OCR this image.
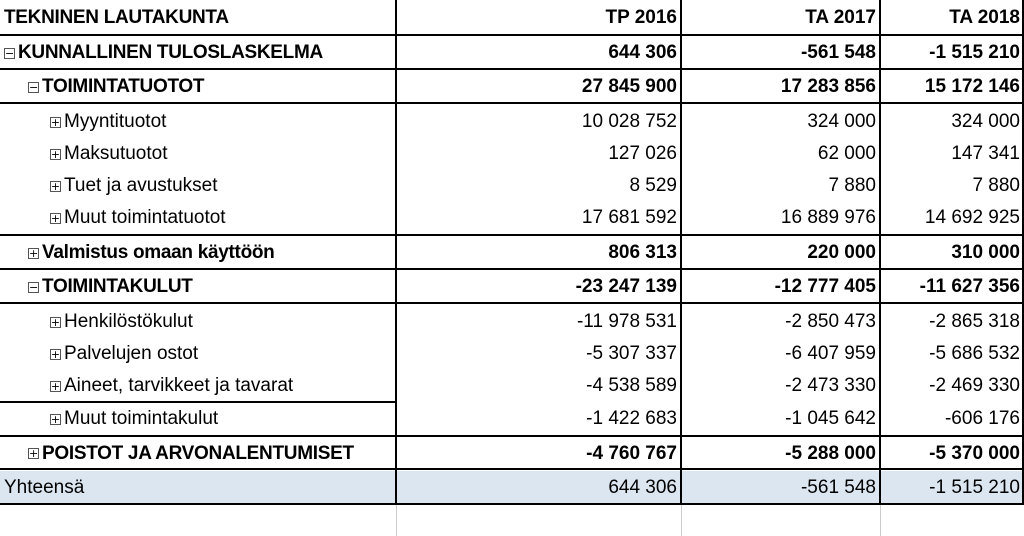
TEKNINEN LAUTAKUNTA	TP 2016	TA 2017	TA 2018
− KUNNALLINEN TULOSLASKELMA	644 306	-561 548	-1 515 210
− TOIMINTATUOTOT	27 845 900	17 283 856	15 172 146
+ Myyntituotot	10 028 752	324 000	324 000
+ Maksutuotot	127 026	62 000	147 341
+ Tuet ja avustukset	8 529	7 880	7 880
+ Muut toimintatuotot	17 681 592	16 889 976	14 692 925
+ Valmistus omaan käyttöön	806 313	220 000	310 000
− TOIMINTAKULUT	-23 247 139	-12 777 405	-11 627 356
+ Henkilöstökulut	-11 978 531	-2 850 473	-2 865 318
+ Palvelujen ostot	-5 307 337	-6 407 959	-5 686 532
+ Aineet, tarvikkeet ja tavarat	-4 538 589	-2 473 330	-2 469 330
+ Muut toimintakulut	-1 422 683	-1 045 642	-606 176
+ POISTOT JA ARVONALENTUMISET	-4 760 767	-5 288 000	-5 370 000
Yhteensä	644 306	-561 548	-1 515 210
